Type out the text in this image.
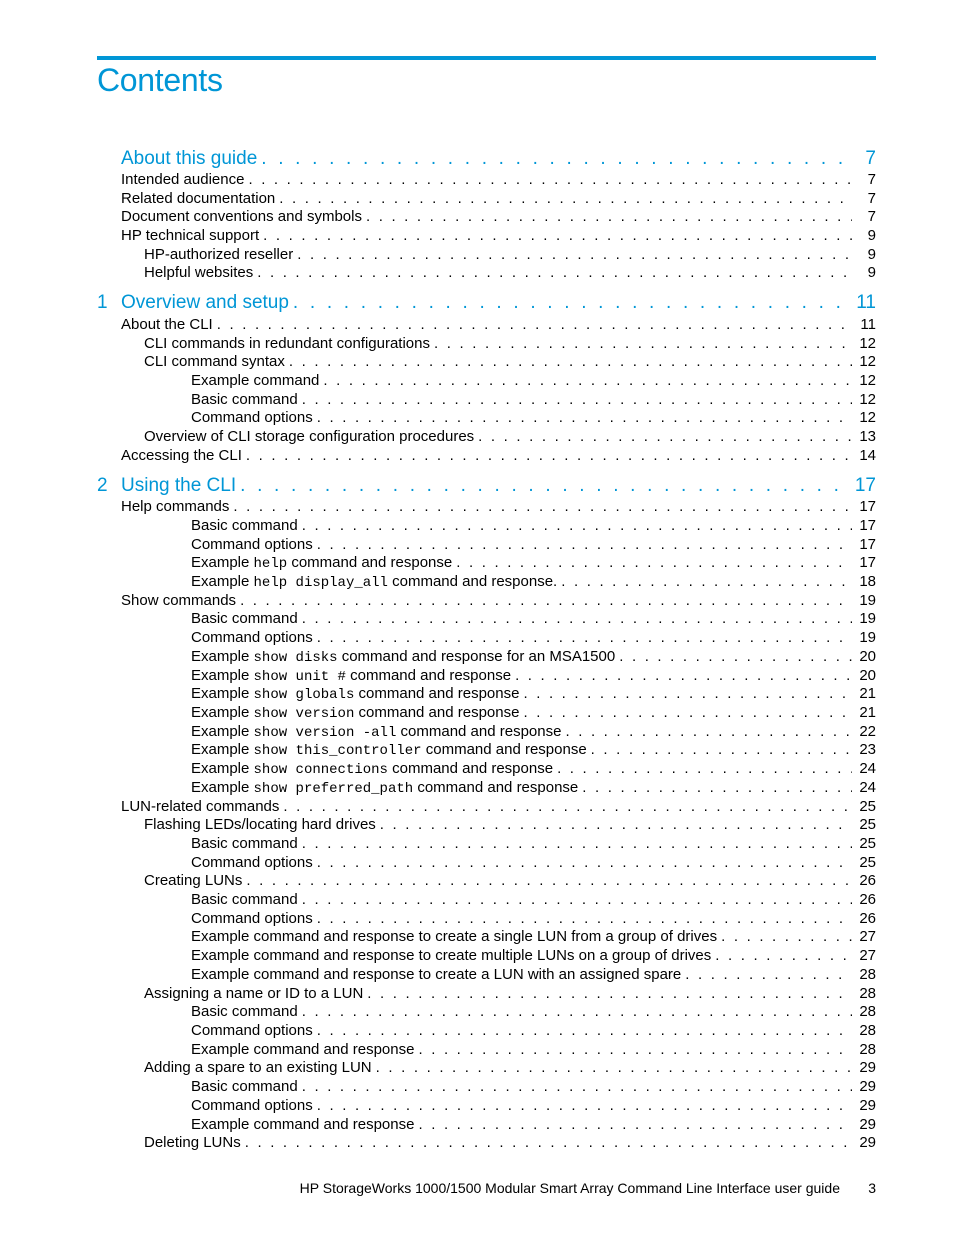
Contents
About this guide . . .	7
Intended audience . . .	7
Related documentation . . .	7
Document conventions and symbols . . .	7
HP technical support . . .	9
HP-authorized reseller . . .	9
Helpful websites . . .	9
1 Overview and setup . . .	11
About the CLI . . .	11
CLI commands in redundant configurations . . .	12
CLI command syntax . . .	12
Example command . . .	12
Basic command . . .	12
Command options . . .	12
Overview of CLI storage configuration procedures . . .	13
Accessing the CLI . . .	14
2 Using the CLI . . .	17
Help commands . . .	17
Basic command . . .	17
Command options . . .	17
Example help command and response . . .	17
Example help display_all command and response. . . .	18
Show commands . . .	19
Basic command . . .	19
Command options . . .	19
Example show disks command and response for an MSA1500 . . .	20
Example show unit # command and response . . .	20
Example show globals command and response . . .	21
Example show version command and response . . .	21
Example show version -all command and response . . .	22
Example show this_controller command and response . . .	23
Example show connections command and response . . .	24
Example show preferred_path command and response . . .	24
LUN-related commands . . .	25
Flashing LEDs/locating hard drives . . .	25
Basic command . . .	25
Command options . . .	25
Creating LUNs . . .	26
Basic command . . .	26
Command options . . .	26
Example command and response to create a single LUN from a group of drives . . .	27
Example command and response to create multiple LUNs on a group of drives . . .	27
Example command and response to create a LUN with an assigned spare . . .	28
Assigning a name or ID to a LUN . . .	28
Basic command . . .	28
Command options . . .	28
Example command and response . . .	28
Adding a spare to an existing LUN . . .	29
Basic command . . .	29
Command options . . .	29
Example command and response . . .	29
Deleting LUNs . . .	29
HP StorageWorks 1000/1500 Modular Smart Array Command Line Interface user guide	3
